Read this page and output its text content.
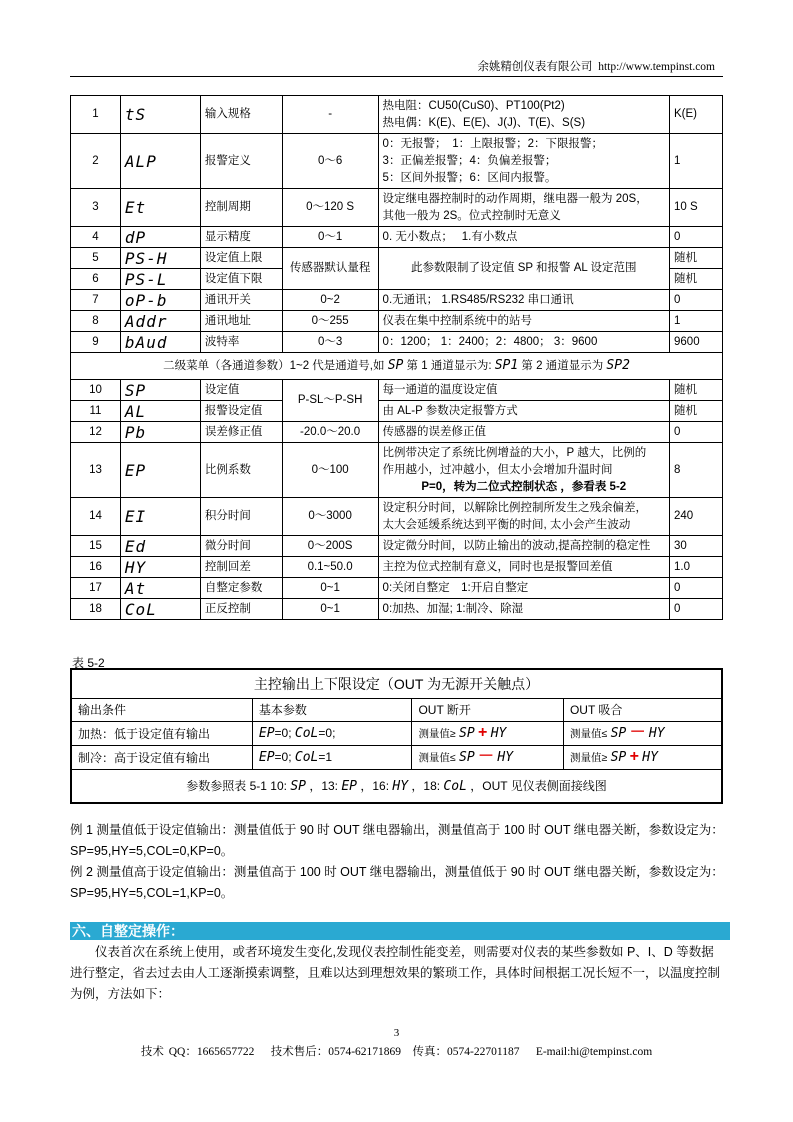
余姚精创仪表有限公司 http://www.tempinst.com
1	tS	输入规格	-	热电阻：CU50(CuS0)、PT100(Pt2)
热电偶：K(E)、E(E)、J(J)、T(E)、S(S)	K(E)
2	ALP	报警定义	0～6	0：无报警；　1：上限报警；2：下限报警；
3：正偏差报警；4：负偏差报警；
5：区间外报警；6：区间内报警。	1
3	Et	控制周期	0～120 S	设定继电器控制时的动作周期，继电器一般为 20S，
其他一般为 2S。位式控制时无意义	10 S
4	dP	显示精度	0～1	0. 无小数点；　 1.有小数点	0
5	PS-H	设定值上限	传感器默认量程	此参数限制了设定值 SP 和报警 AL 设定范围	随机
6	PS-L	设定值下限			随机
7	oP-b	通讯开关	0~2	0.无通讯； 1.RS485/RS232 串口通讯	0
8	Addr	通讯地址	0～255	仪表在集中控制系统中的站号	1
9	bAud	波特率	0～3	0：1200； 1：2400；2：4800； 3：9600	9600
二级菜单（各通道参数）1~2 代是通道号,如 SP 第 1 通道显示为: SP1 第 2 通道显示为 SP2					
10	SP	设定值	P-SL～P-SH	每一通道的温度设定值	随机
11	AL	报警设定值		由 AL-P 参数决定报警方式	随机
12	Pb	误差修正值	-20.0～20.0	传感器的误差修正值	0
13	EP	比例系数	0～100	比例带决定了系统比例增益的大小，P 越大，比例的
作用越小，过冲越小，但太小会增加升温时间
P=0，转为二位式控制状态 ，参看表 5-2	8
14	EI	积分时间	0～3000	设定积分时间，以解除比例控制所发生之残余偏差，
太大会延缓系统达到平衡的时间, 太小会产生波动	240
15	Ed	微分时间	0～200S	设定微分时间，以防止输出的波动,提高控制的稳定性	30
16	HY	控制回差	0.1~50.0	主控为位式控制有意义，同时也是报警回差值	1.0
17	At	自整定参数	0~1	0:关闭自整定　1:开启自整定	0
18	CoL	正反控制	0~1	0:加热、加湿; 1:制冷、除湿	0
表 5-2
主控输出上下限设定（OUT 为无源开关触点）			
输出条件	基本参数	OUT 断开	OUT 吸合
加热：低于设定值有输出	EP=0; CoL=0;	测量值≥ SP + HY	测量值≤ SP － HY
制冷：高于设定值有输出	EP=0; CoL=1	测量值≤ SP － HY	测量值≥ SP + HY
参数参照表 5-1 10: SP ，13: EP ，16: HY ，18: CoL ，OUT 见仪表侧面接线图			
例 1 测量值低于设定值输出：测量值低于 90 时 OUT 继电器输出，测量值高于 100 时 OUT 继电器关断，参数设定为：SP=95,HY=5,COL=0,KP=0。
例 2 测量值高于设定值输出：测量值高于 100 时 OUT 继电器输出，测量值低于 90 时 OUT 继电器关断，参数设定为：SP=95,HY=5,COL=1,KP=0。
六、自整定操作：
仪表首次在系统上使用，或者环境发生变化,发现仪表控制性能变差，则需要对仪表的某些参数如 P、I、D 等数据进行整定，省去过去由人工逐渐摸索调整，且难以达到理想效果的繁琐工作，具体时间根据工况长短不一，以温度控制为例，方法如下：
3
技术 QQ：1665657722　 技术售后：0574-62171869　传真：0574-22701187　 E-mail:hi@tempinst.com
